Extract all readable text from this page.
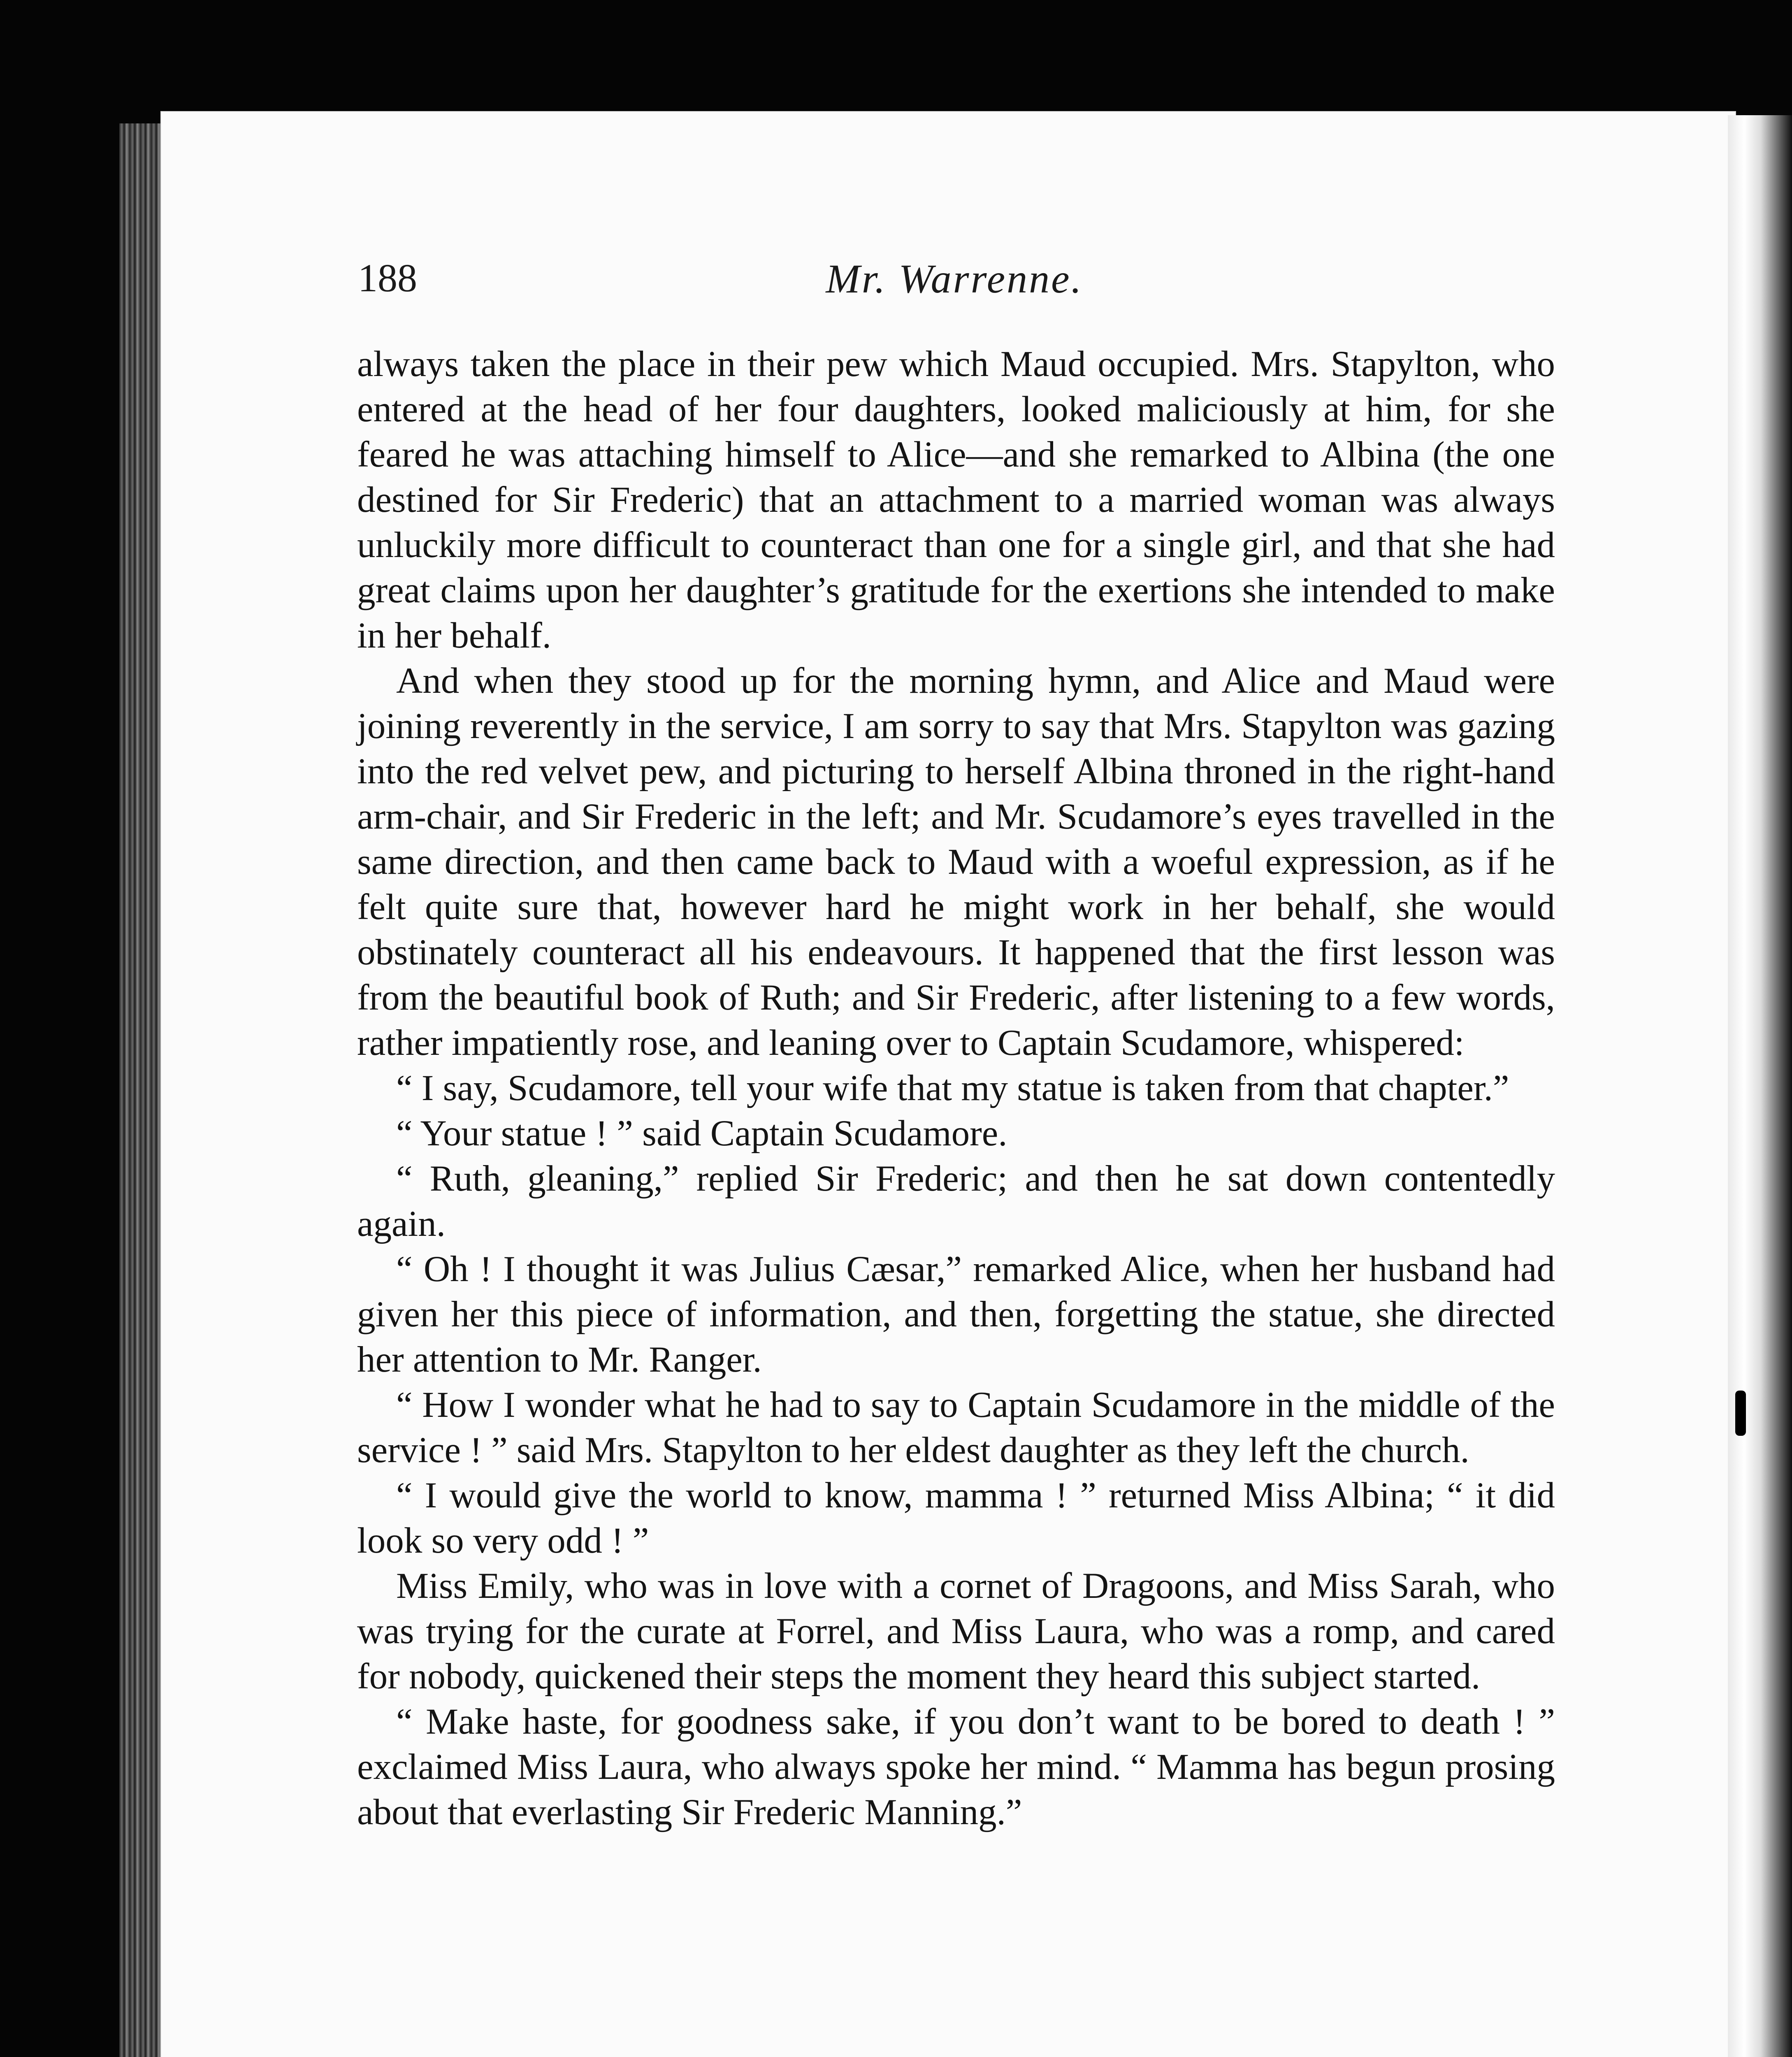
Mr. Warrenne.
188

always taken the place in their pew which Maud occupied. Mrs. Stapylton, who entered at the head of her four daughters, looked maliciously at him, for she feared he was attaching himself to Alice—and she remarked to Albina (the one destined for Sir Frederic) that an attachment to a married woman was always unluckily more difficult to counteract than one for a single girl, and that she had great claims upon her daughter’s gratitude for the exertions she intended to make in her behalf.

And when they stood up for the morning hymn, and Alice and Maud were joining reverently in the service, I am sorry to say that Mrs. Stapylton was gazing into the red velvet pew, and picturing to herself Albina throned in the right-hand arm-chair, and Sir Frederic in the left; and Mr. Scudamore’s eyes travelled in the same direction, and then came back to Maud with a woeful expression, as if he felt quite sure that, however hard he might work in her behalf, she would obstinately counteract all his endeavours. It happened that the first lesson was from the beautiful book of Ruth; and Sir Frederic, after listening to a few words, rather impatiently rose, and leaning over to Captain Scudamore, whispered:

“ I say, Scudamore, tell your wife that my statue is taken from that chapter.”

“ Your statue ! ” said Captain Scudamore.

“ Ruth, gleaning,” replied Sir Frederic; and then he sat down contentedly again.

“ Oh ! I thought it was Julius Cæsar,” remarked Alice, when her husband had given her this piece of information, and then, forgetting the statue, she directed her attention to Mr. Ranger.

“ How I wonder what he had to say to Captain Scudamore in the middle of the service ! ” said Mrs. Stapylton to her eldest daughter as they left the church.

“ I would give the world to know, mamma ! ” returned Miss Albina; “ it did look so very odd ! ”

Miss Emily, who was in love with a cornet of Dragoons, and Miss Sarah, who was trying for the curate at Forrel, and Miss Laura, who was a romp, and cared for nobody, quickened their steps the moment they heard this subject started.

“ Make haste, for goodness sake, if you don’t want to be bored to death ! ” exclaimed Miss Laura, who always spoke her mind. “ Mamma has begun prosing about that everlasting Sir Frederic Manning.”
